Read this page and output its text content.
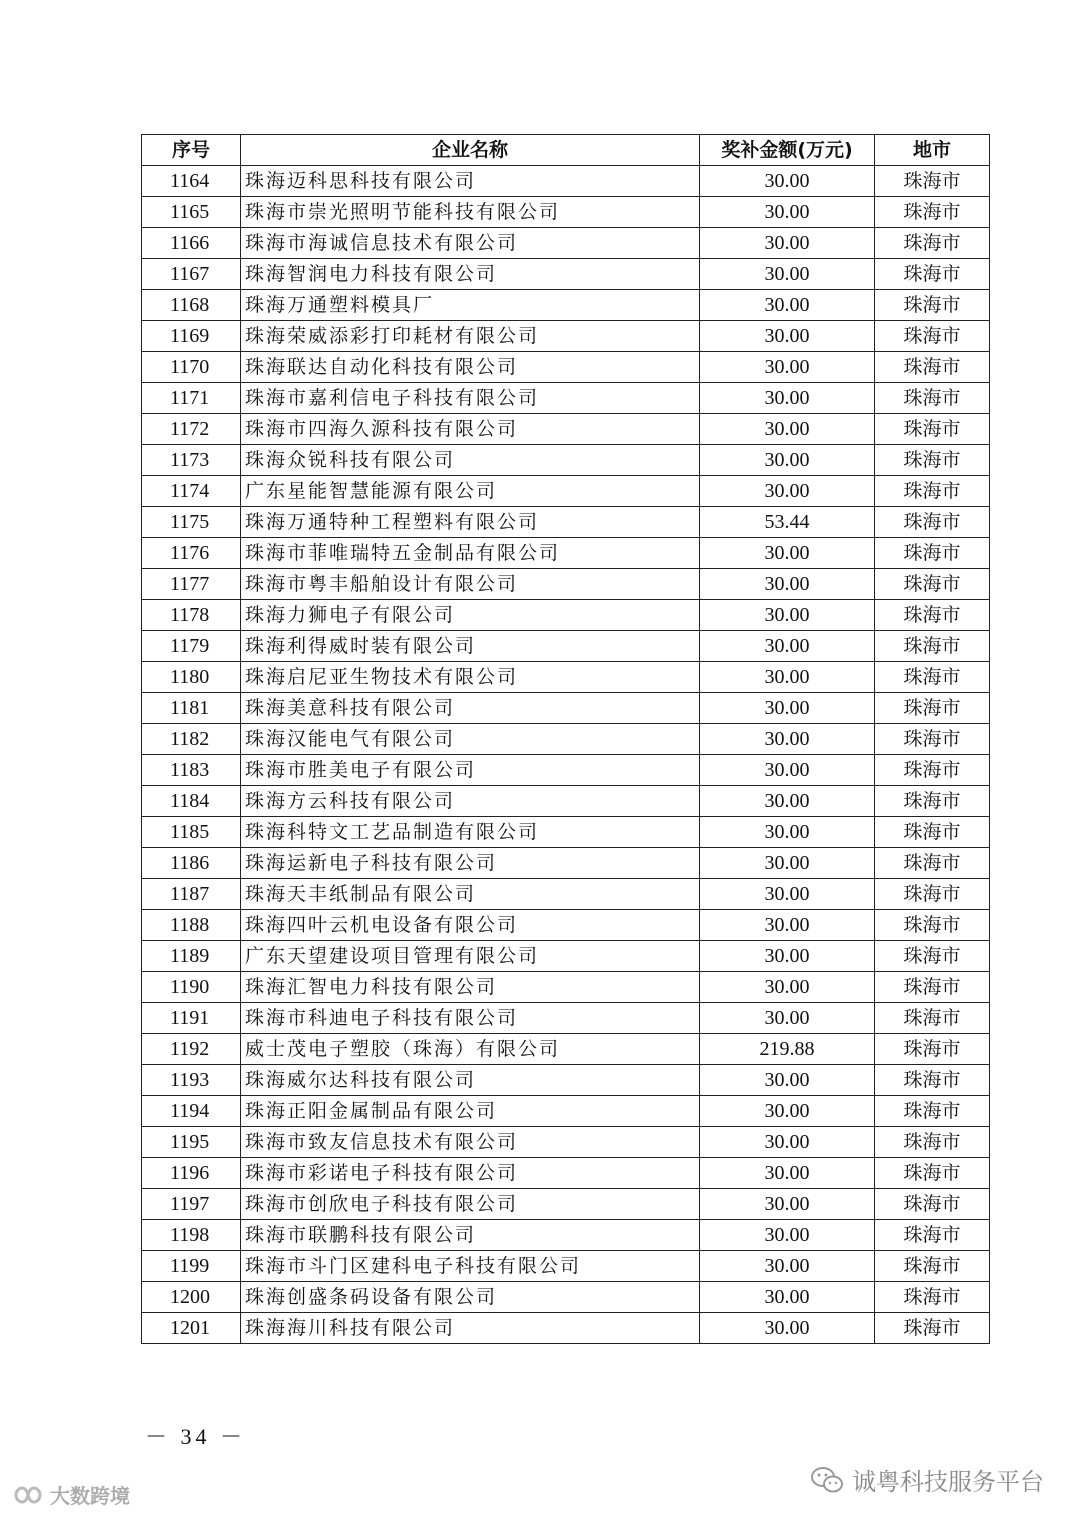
序号	企业名称	奖补金额(万元)	地市
1164	珠海迈科思科技有限公司	30.00	珠海市
1165	珠海市崇光照明节能科技有限公司	30.00	珠海市
1166	珠海市海诚信息技术有限公司	30.00	珠海市
1167	珠海智润电力科技有限公司	30.00	珠海市
1168	珠海万通塑料模具厂	30.00	珠海市
1169	珠海荣威添彩打印耗材有限公司	30.00	珠海市
1170	珠海联达自动化科技有限公司	30.00	珠海市
1171	珠海市嘉利信电子科技有限公司	30.00	珠海市
1172	珠海市四海久源科技有限公司	30.00	珠海市
1173	珠海众锐科技有限公司	30.00	珠海市
1174	广东星能智慧能源有限公司	30.00	珠海市
1175	珠海万通特种工程塑料有限公司	53.44	珠海市
1176	珠海市菲唯瑞特五金制品有限公司	30.00	珠海市
1177	珠海市粤丰船舶设计有限公司	30.00	珠海市
1178	珠海力狮电子有限公司	30.00	珠海市
1179	珠海利得威时装有限公司	30.00	珠海市
1180	珠海启尼亚生物技术有限公司	30.00	珠海市
1181	珠海美意科技有限公司	30.00	珠海市
1182	珠海汉能电气有限公司	30.00	珠海市
1183	珠海市胜美电子有限公司	30.00	珠海市
1184	珠海方云科技有限公司	30.00	珠海市
1185	珠海科特文工艺品制造有限公司	30.00	珠海市
1186	珠海运新电子科技有限公司	30.00	珠海市
1187	珠海天丰纸制品有限公司	30.00	珠海市
1188	珠海四叶云机电设备有限公司	30.00	珠海市
1189	广东天望建设项目管理有限公司	30.00	珠海市
1190	珠海汇智电力科技有限公司	30.00	珠海市
1191	珠海市科迪电子科技有限公司	30.00	珠海市
1192	威士茂电子塑胶（珠海）有限公司	219.88	珠海市
1193	珠海威尔达科技有限公司	30.00	珠海市
1194	珠海正阳金属制品有限公司	30.00	珠海市
1195	珠海市致友信息技术有限公司	30.00	珠海市
1196	珠海市彩诺电子科技有限公司	30.00	珠海市
1197	珠海市创欣电子科技有限公司	30.00	珠海市
1198	珠海市联鹏科技有限公司	30.00	珠海市
1199	珠海市斗门区建科电子科技有限公司	30.00	珠海市
1200	珠海创盛条码设备有限公司	30.00	珠海市
1201	珠海海川科技有限公司	30.00	珠海市
－ 34 －
大数跨境	诚粤科技服务平台
